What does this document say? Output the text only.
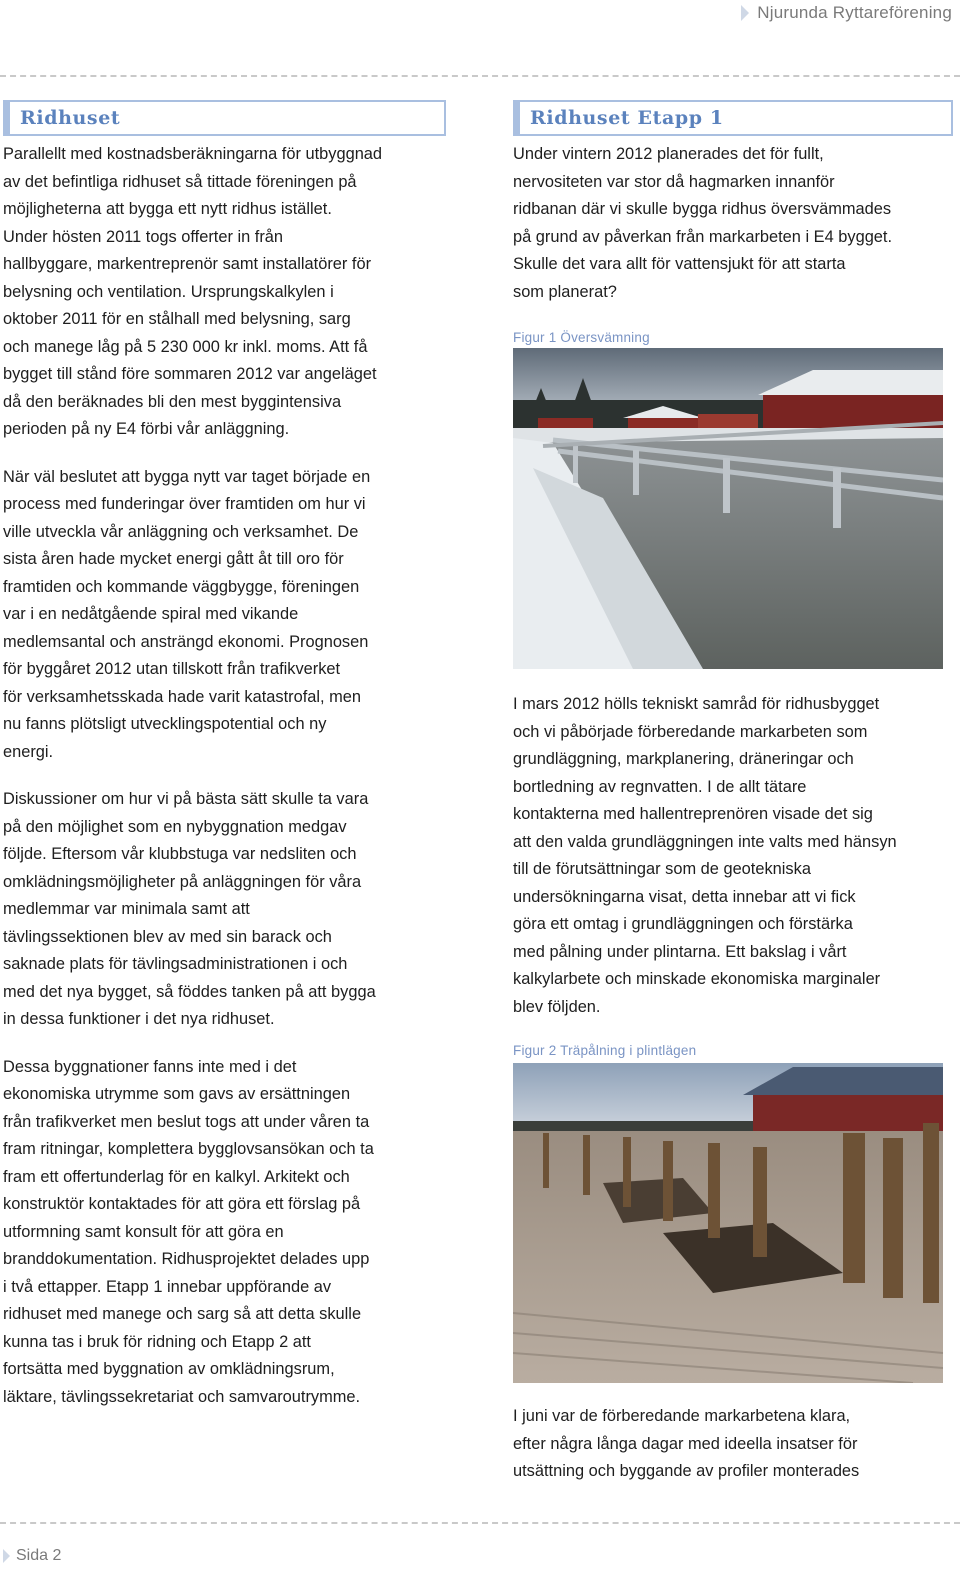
Njurunda Ryttareförening
Ridhuset

Parallellt med kostnadsberäkningarna för utbyggnad
av det befintliga ridhuset så tittade föreningen på
möjligheterna att bygga ett nytt ridhus istället.
Under hösten 2011 togs offerter in från
hallbyggare, markentreprenör samt installatörer för
belysning och ventilation. Ursprungskalkylen i
oktober 2011 för en stålhall med belysning, sarg
och manege låg på 5 230 000 kr inkl. moms. Att få
bygget till stånd före sommaren 2012 var angeläget
då den beräknades bli den mest byggintensiva
perioden på ny E4 förbi vår anläggning.

När väl beslutet att bygga nytt var taget började en
process med funderingar över framtiden om hur vi
ville utveckla vår anläggning och verksamhet. De
sista åren hade mycket energi gått åt till oro för
framtiden och kommande väggbygge, föreningen
var i en nedåtgående spiral med vikande
medlemsantal och ansträngd ekonomi. Prognosen
för byggåret 2012 utan tillskott från trafikverket
för verksamhetsskada hade varit katastrofal, men
nu fanns plötsligt utvecklingspotential och ny
energi.

Diskussioner om hur vi på bästa sätt skulle ta vara
på den möjlighet som en nybyggnation medgav
följde. Eftersom vår klubbstuga var nedsliten och
omklädningsmöjligheter på anläggningen för våra
medlemmar var minimala samt att
tävlingssektionen blev av med sin barack och
saknade plats för tävlingsadministrationen i och
med det nya bygget, så föddes tanken på att bygga
in dessa funktioner i det nya ridhuset.

Dessa byggnationer fanns inte med i det
ekonomiska utrymme som gavs av ersättningen
från trafikverket men beslut togs att under våren ta
fram ritningar, komplettera bygglovsansökan och ta
fram ett offertunderlag för en kalkyl. Arkitekt och
konstruktör kontaktades för att göra ett förslag på
utformning samt konsult för att göra en
branddokumentation. Ridhusprojektet delades upp
i två ettapper. Etapp 1 innebar uppförande av
ridhuset med manege och sarg så att detta skulle
kunna tas i bruk för ridning och Etapp 2 att
fortsätta med byggnation av omklädningsrum,
läktare, tävlingssekretariat och samvaroutrymme.

Ridhuset Etapp 1

Under vintern 2012 planerades det för fullt,
nervositeten var stor då hagmarken innanför
ridbanan där vi skulle bygga ridhus översvämmades
på grund av påverkan från markarbeten i E4 bygget.
Skulle det vara allt för vattensjukt för att starta
som planerat?

Figur 1 Översvämning

I mars 2012 hölls tekniskt samråd för ridhusbygget
och vi påbörjade förberedande markarbeten som
grundläggning, markplanering, dräneringar och
bortledning av regnvatten. I de allt tätare
kontakterna med hallentreprenören visade det sig
att den valda grundläggningen inte valts med hänsyn
till de förutsättningar som de geotekniska
undersökningarna visat, detta innebar att vi fick
göra ett omtag i grundläggningen och förstärka
med pålning under plintarna. Ett bakslag i vårt
kalkylarbete och minskade ekonomiska marginaler
blev följden.

Figur 2 Träpålning i plintlägen

I juni var de förberedande markarbetena klara,
efter några långa dagar med ideella insatser för
utsättning och byggande av profiler monterades

Sida 2
